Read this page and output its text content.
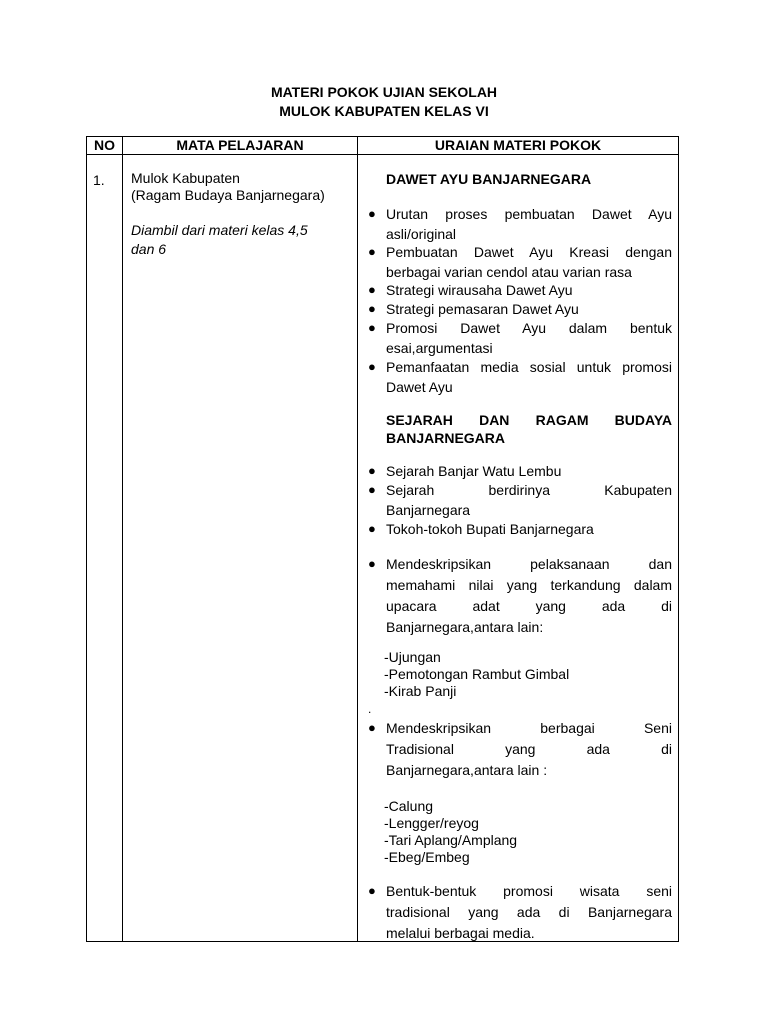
MATERI POKOK UJIAN SEKOLAH
MULOK KABUPATEN KELAS VI
NO	MATA PELAJARAN	URAIAN MATERI POKOK
1. Mulok Kabupaten
(Ragam Budaya Banjarnegara)
Diambil dari materi kelas 4,5
dan 6
DAWET AYU BANJARNEGARA
● Urutan proses pembuatan Dawet Ayu
asli/original
● Pembuatan Dawet Ayu Kreasi dengan
berbagai varian cendol atau varian rasa
● Strategi wirausaha Dawet Ayu
● Strategi pemasaran Dawet Ayu
● Promosi Dawet Ayu dalam bentuk
esai,argumentasi
● Pemanfaatan media sosial untuk promosi
Dawet Ayu
SEJARAH DAN RAGAM BUDAYA
BANJARNEGARA
● Sejarah Banjar Watu Lembu
● Sejarah berdirinya Kabupaten
Banjarnegara
● Tokoh-tokoh Bupati Banjarnegara
● Mendeskripsikan pelaksanaan dan
memahami nilai yang terkandung dalam
upacara adat yang ada di
Banjarnegara,antara lain:
-Ujungan
-Pemotongan Rambut Gimbal
-Kirab Panji
.
● Mendeskripsikan berbagai Seni
Tradisional yang ada di
Banjarnegara,antara lain :
-Calung
-Lengger/reyog
-Tari Aplang/Amplang
-Ebeg/Embeg
● Bentuk-bentuk promosi wisata seni
tradisional yang ada di Banjarnegara
melalui berbagai media.
